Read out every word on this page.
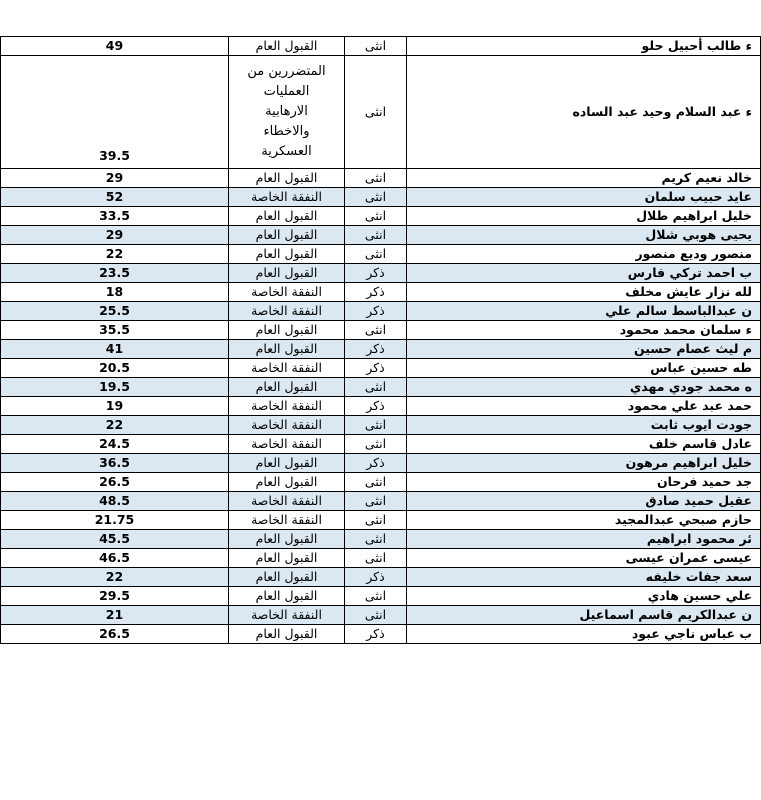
49	القبول العام	انثى	ء طالب أحبيل حلو
39.5	المتضررين من العمليات الارهابية والاخطاء العسكرية	انثى	ء عبد السلام وحيد عبد الساده
29	القبول العام	انثى	خالد نعيم كريم
52	النفقة الخاصة	انثى	عايد حبيب سلمان
33.5	القبول العام	انثى	خليل ابراهيم طلال
29	القبول العام	انثى	يحيى هوبي شلال
22	القبول العام	انثى	منصور وديع منصور
23.5	القبول العام	ذكر	ب احمد تركي فارس
18	النفقة الخاصة	ذكر	لله نزار عايش مخلف
25.5	النفقة الخاصة	ذكر	ن عبدالباسط سالم علي
35.5	القبول العام	انثى	ء سلمان محمد محمود
41	القبول العام	ذكر	م ليث عصام حسين
20.5	النفقة الخاصة	ذكر	طه حسين عباس
19.5	القبول العام	انثى	ه محمد جودي مهدي
19	النفقة الخاصة	ذكر	حمد عبد علي محمود
22	النفقة الخاصة	انثى	جودت ايوب ثابت
24.5	النفقة الخاصة	انثى	عادل قاسم خلف
36.5	القبول العام	ذكر	خليل ابراهيم مرهون
26.5	القبول العام	انثى	جد حميد فرحان
48.5	النفقة الخاصة	انثى	عقيل حميد صادق
21.75	النفقة الخاصة	انثى	حازم صبحي عبدالمجيد
45.5	القبول العام	انثى	ئر محمود ابراهيم
46.5	القبول العام	انثى	عيسى عمران عيسى
22	القبول العام	ذكر	سعد جفات خليفه
29.5	القبول العام	انثى	علي حسين هادي
21	النفقة الخاصة	انثى	ن عبدالكريم قاسم اسماعيل
26.5	القبول العام	ذكر	ب عباس ناجي عبود
